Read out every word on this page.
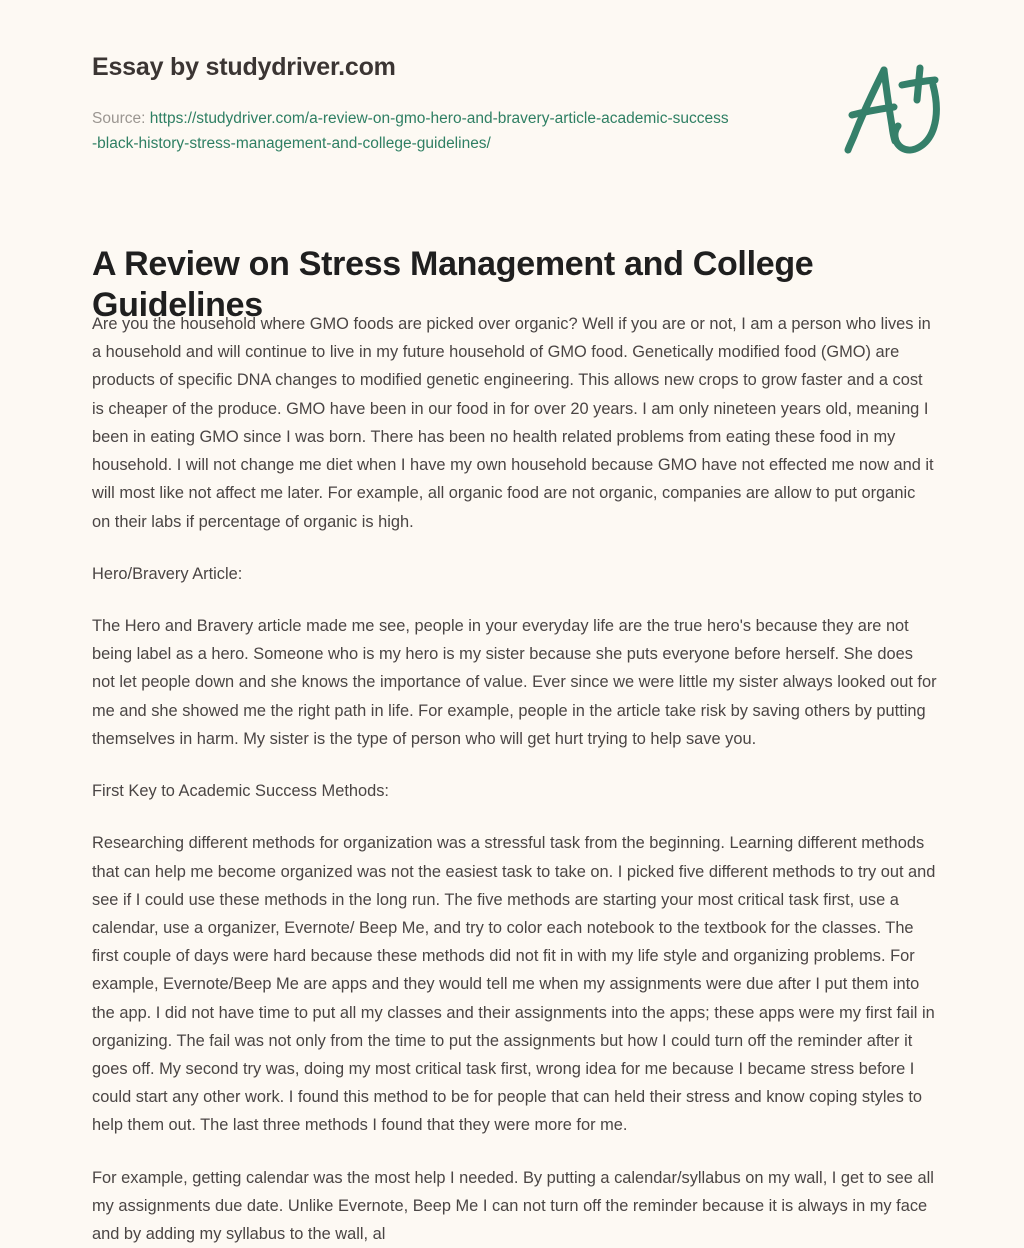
Essay by studydriver.com
Source: https://studydriver.com/a-review-on-gmo-hero-and-bravery-article-academic-success-black-history-stress-management-and-college-guidelines/
A Review on Stress Management and College Guidelines

Are you the household where GMO foods are picked over organic? Well if you are or not, I am a person who lives in a household and will continue to live in my future household of GMO food. Genetically modified food (GMO) are products of specific DNA changes to modified genetic engineering. This allows new crops to grow faster and a cost is cheaper of the produce. GMO have been in our food in for over 20 years. I am only nineteen years old, meaning I been in eating GMO since I was born. There has been no health related problems from eating these food in my household. I will not change me diet when I have my own household because GMO have not effected me now and it will most like not affect me later. For example, all organic food are not organic, companies are allow to put organic on their labs if percentage of organic is high.

Hero/Bravery Article:

The Hero and Bravery article made me see, people in your everyday life are the true hero's because they are not being label as a hero. Someone who is my hero is my sister because she puts everyone before herself. She does not let people down and she knows the importance of value. Ever since we were little my sister always looked out for me and she showed me the right path in life. For example, people in the article take risk by saving others by putting themselves in harm. My sister is the type of person who will get hurt trying to help save you.

First Key to Academic Success Methods:

Researching different methods for organization was a stressful task from the beginning. Learning different methods that can help me become organized was not the easiest task to take on. I picked five different methods to try out and see if I could use these methods in the long run. The five methods are starting your most critical task first, use a calendar, use a organizer, Evernote/ Beep Me, and try to color each notebook to the textbook for the classes. The first couple of days were hard because these methods did not fit in with my life style and organizing problems. For example, Evernote/Beep Me are apps and they would tell me when my assignments were due after I put them into the app. I did not have time to put all my classes and their assignments into the apps; these apps were my first fail in organizing. The fail was not only from the time to put the assignments but how I could turn off the reminder after it goes off. My second try was, doing my most critical task first, wrong idea for me because I became stress before I could start any other work. I found this method to be for people that can held their stress and know coping styles to help them out. The last three methods I found that they were more for me.

For example, getting calendar was the most help I needed. By putting a calendar/syllabus on my wall, I get to see all my assignments due date. Unlike Evernote, Beep Me I can not turn off the reminder because it is always in my face and by adding my syllabus to the wall, al
